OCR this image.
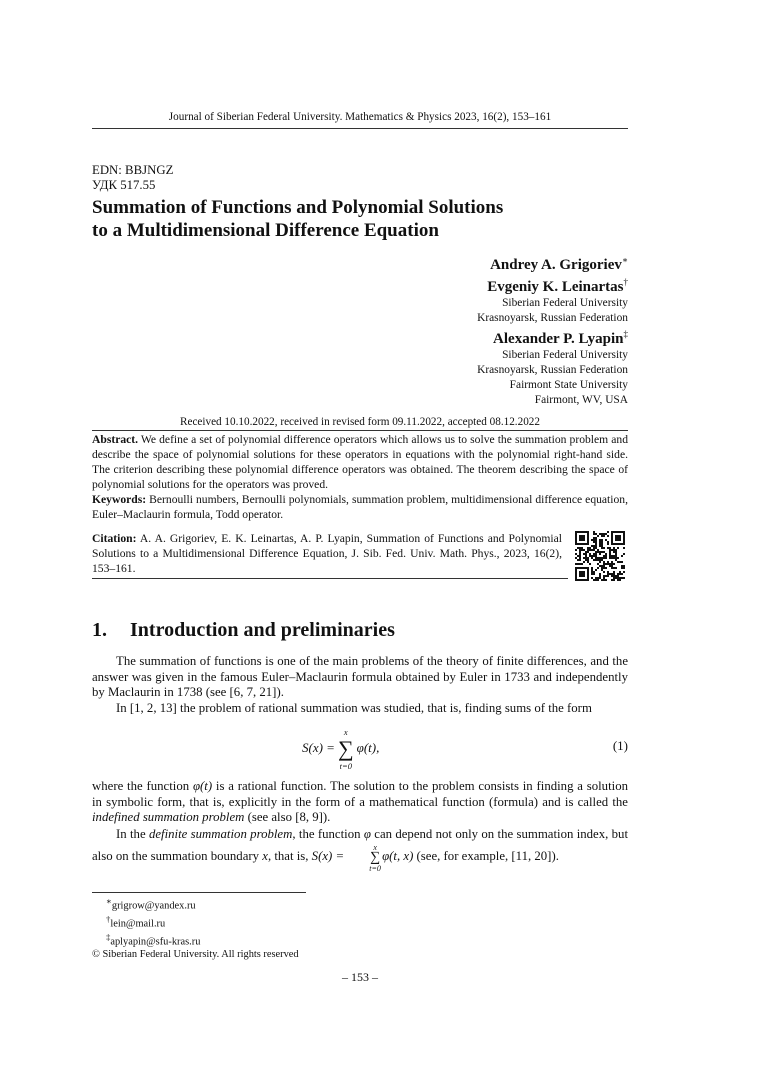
Journal of Siberian Federal University. Mathematics & Physics 2023, 16(2), 153–161
EDN: BBJNGZ
УДК 517.55
Summation of Functions and Polynomial Solutions
to a Multidimensional Difference Equation
Andrey A. Grigoriev∗
Evgeniy K. Leinartas†
Siberian Federal University
Krasnoyarsk, Russian Federation
Alexander P. Lyapin‡
Siberian Federal University
Krasnoyarsk, Russian Federation
Fairmont State University
Fairmont, WV, USA
Received 10.10.2022, received in revised form 09.11.2022, accepted 08.12.2022
Abstract. We define a set of polynomial difference operators which allows us to solve the summation problem and describe the space of polynomial solutions for these operators in equations with the polynomial right-hand side. The criterion describing these polynomial difference operators was obtained. The theorem describing the space of polynomial solutions for the operators was proved.
Keywords: Bernoulli numbers, Bernoulli polynomials, summation problem, multidimensional difference equation, Euler–Maclaurin formula, Todd operator.
Citation: A. A. Grigoriev, E. K. Leinartas, A. P. Lyapin, Summation of Functions and Polynomial Solutions to a Multidimensional Difference Equation, J. Sib. Fed. Univ. Math. Phys., 2023, 16(2), 153–161.
1. Introduction and preliminaries

The summation of functions is one of the main problems of the theory of finite differences, and the answer was given in the famous Euler–Maclaurin formula obtained by Euler in 1733 and independently by Maclaurin in 1738 (see [6, 7, 21]).

In [1, 2, 13] the problem of rational summation was studied, that is, finding sums of the form

S(x) = ∑
x
t=0
φ(t),	(1)

where the function φ(t) is a rational function. The solution to the problem consists in finding a solution in symbolic form, that is, explicitly in the form of a mathematical function (formula) and is called the indefined summation problem (see also [8, 9]).

In the definite summation problem, the function φ can depend not only on the summation index, but also on the summation boundary x, that is, S(x) = ∑
x
t=0
φ(t, x) (see, for example, [11, 20]).

∗grigrow@yandex.ru
†lein@mail.ru
‡aplyapin@sfu-kras.ru
© Siberian Federal University. All rights reserved
– 153 –
